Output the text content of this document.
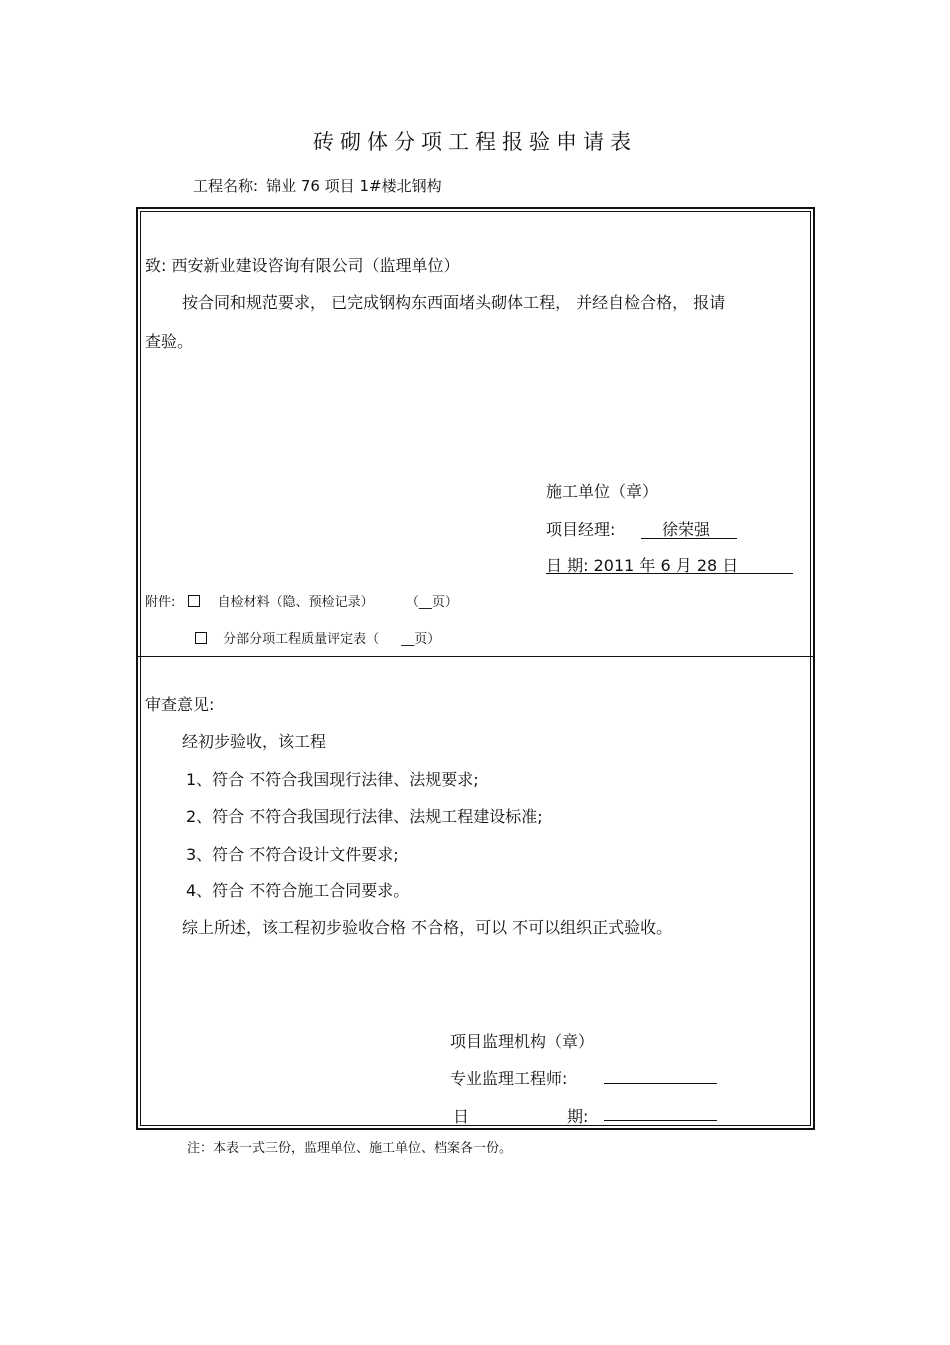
砖砌体分项工程报验申请表
工程名称: 锦业 76 项目 1#楼北钢构
致: 西安新业建设咨询有限公司（监理单位）
按合同和规范要求， 已完成钢构东西面堵头砌体工程， 并经自检合格， 报请
查验。
施工单位（章）
项目经理:	徐荣强
日 期: 2011 年 6 月 28 日
附件:	自检材料（隐、预检记录） （__页）
分部分项工程质量评定表（ __页）
审查意见:
经初步验收，该工程
1、符合 不符合我国现行法律、法规要求;
2、符合 不符合我国现行法律、法规工程建设标准;
3、符合 不符合设计文件要求;
4、符合 不符合施工合同要求。
综上所述，该工程初步验收合格 不合格，可以 不可以组织正式验收。
项目监理机构（章）
专业监理工程师:
日	期:
注：本表一式三份，监理单位、施工单位、档案各一份。
